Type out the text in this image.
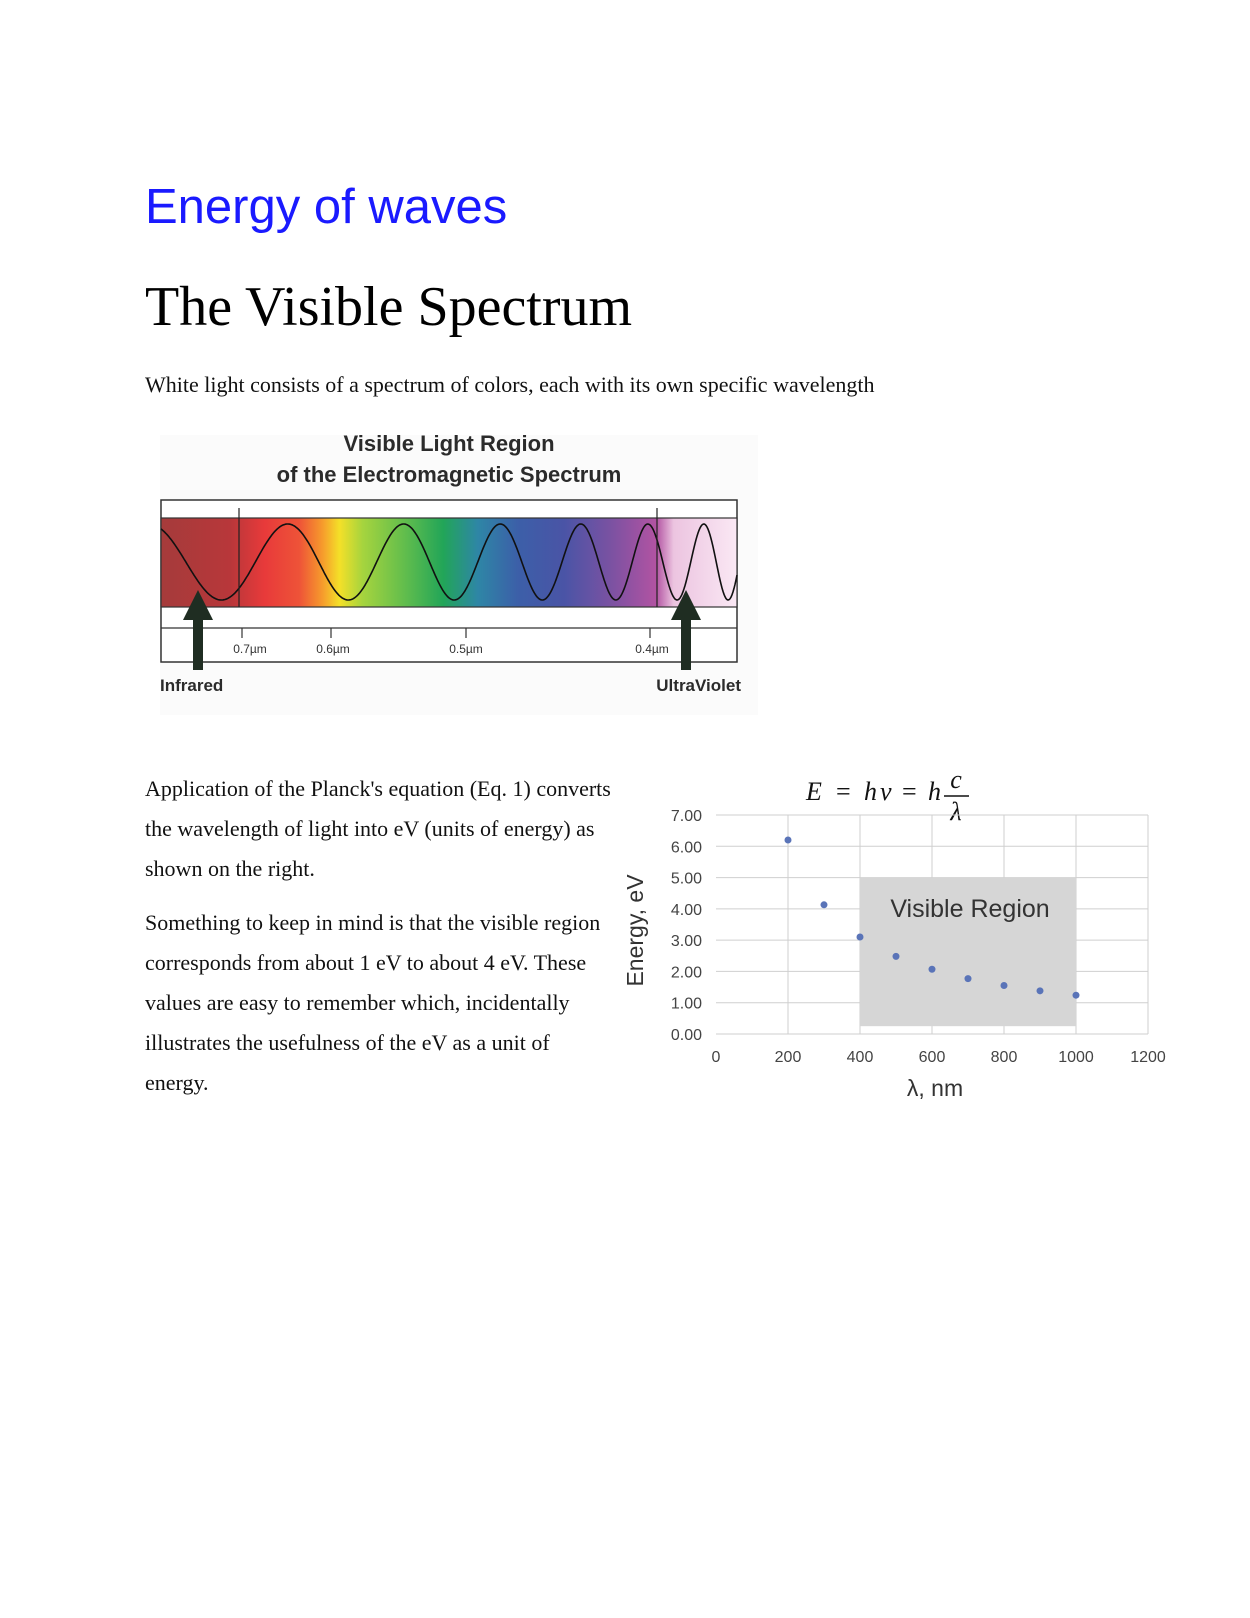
Energy of waves
The Visible Spectrum

White light consists of a spectrum of colors, each with its own specific wavelength

Visible Light Region
of the Electromagnetic Spectrum
0.7µm	0.6µm	0.5µm	0.4µm
Infrared	UltraViolet

Application of the Planck's equation (Eq. 1) converts the wavelength of light into eV (units of energy) as shown on the right.

Something to keep in mind is that the visible region corresponds from about 1 eV to about 4 eV. These values are easy to remember which, incidentally illustrates the usefulness of the eV as a unit of energy.

E = h ν = h c
λ
Visible Region
0.00
1.00
2.00
3.00
4.00
5.00
6.00
7.00
0	200	400	600	800	1000 1200
Energy, eV
λ, nm
